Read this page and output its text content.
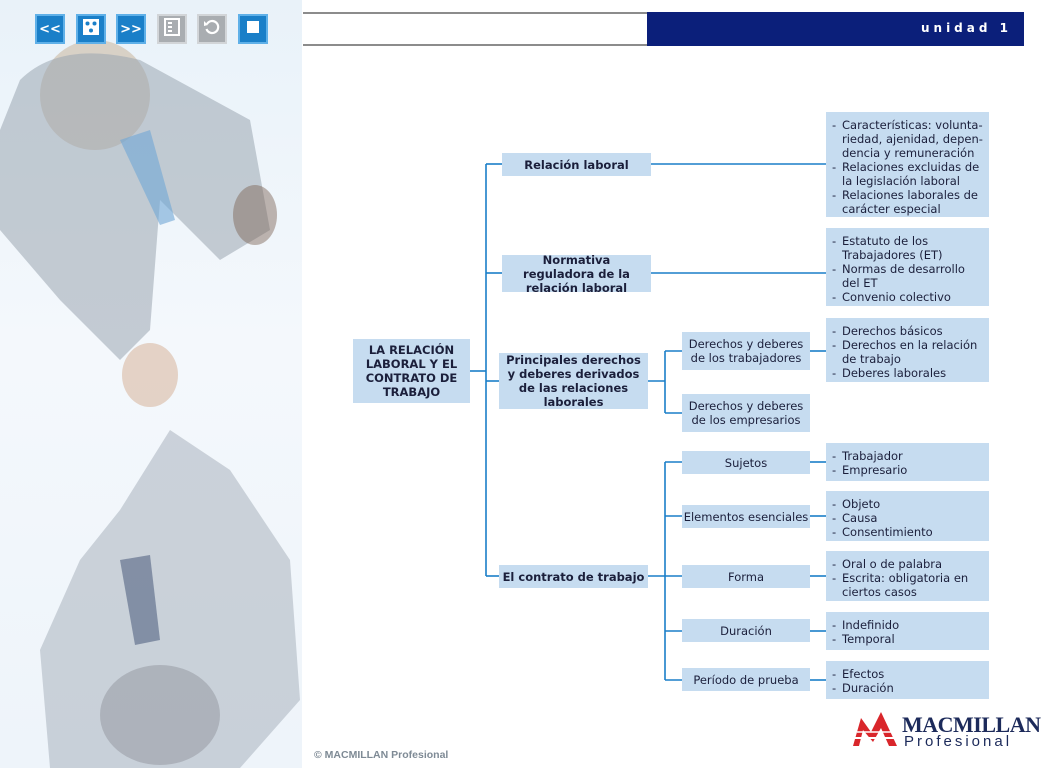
<<	>>	unidad 1
LA RELACIÓN LABORAL Y EL CONTRATO DE TRABAJO
Relación laboral
Normativa reguladora de la relación laboral
Principales derechos y deberes derivados de las relaciones laborales
El contrato de trabajo
Derechos y deberes de los trabajadores
Derechos y deberes de los empresarios
Sujetos
Elementos esenciales
Forma
Duración
Período de prueba
- Características: volunta-riedad, ajenidad, depen-dencia y remuneración
- Relaciones excluidas de la legislación laboral
- Relaciones laborales de carácter especial
- Estatuto de los Trabajadores (ET)
- Normas de desarrollo del ET
- Convenio colectivo
- Derechos básicos
- Derechos en la relación de trabajo
- Deberes laborales
- Trabajador
- Empresario
- Objeto
- Causa
- Consentimiento
- Oral o de palabra
- Escrita: obligatoria en ciertos casos
- Indefinido
- Temporal
- Efectos
- Duración
© MACMILLAN Profesional
MACMILLAN
Profesional
